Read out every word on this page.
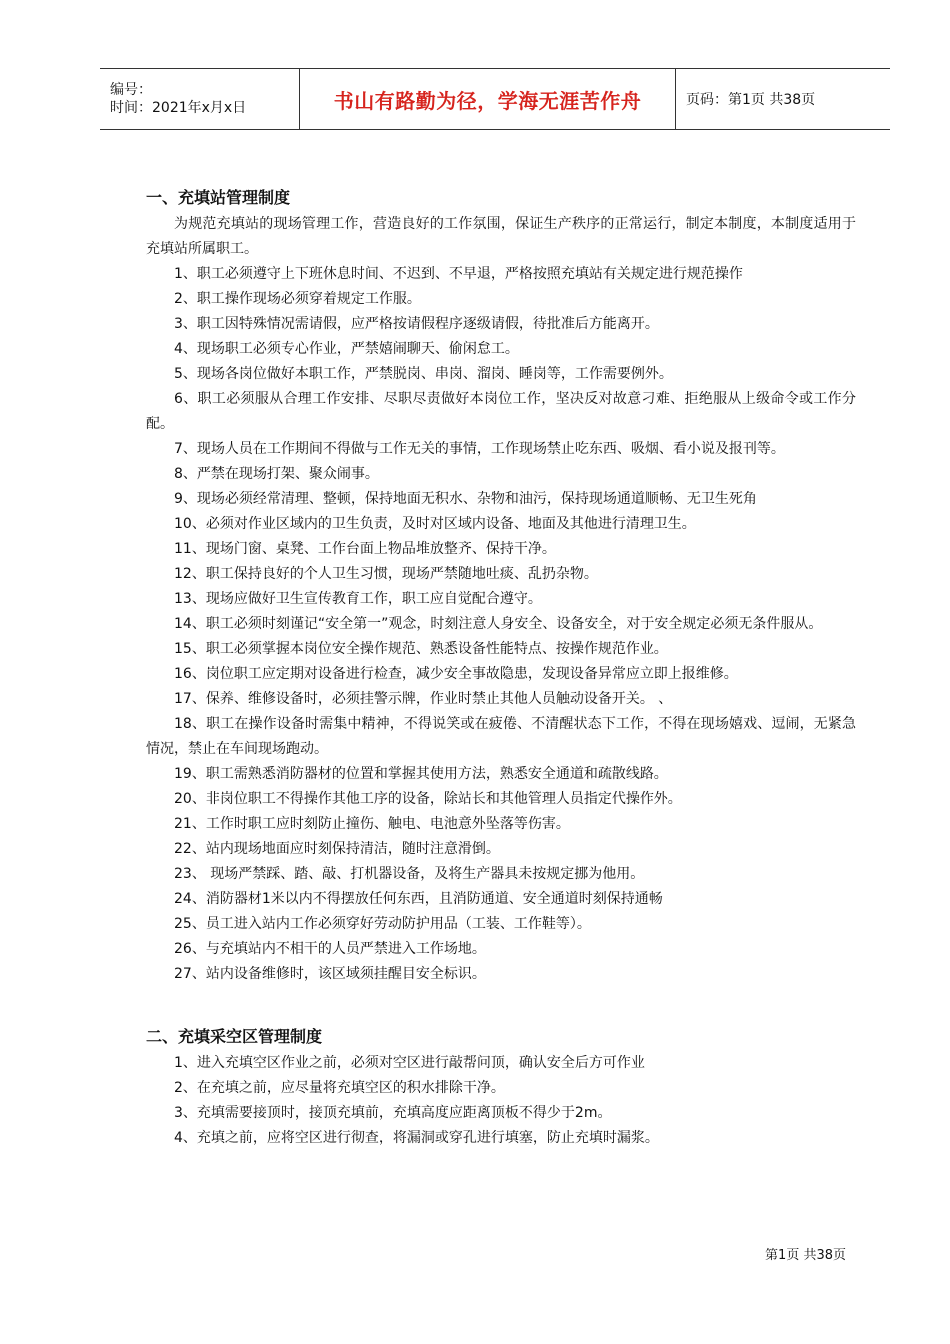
编号：
时间：2021年x月x日	书山有路勤为径，学海无涯苦作舟	页码：第1页 共38页
一、充填站管理制度

为规范充填站的现场管理工作，营造良好的工作氛围，保证生产秩序的正常运行，制定本制度，本制度适用于充填站所属职工。

1、职工必须遵守上下班休息时间、不迟到、不早退，严格按照充填站有关规定进行规范操作

2、职工操作现场必须穿着规定工作服。

3、职工因特殊情况需请假，应严格按请假程序逐级请假，待批准后方能离开。

4、现场职工必须专心作业，严禁嬉闹聊天、偷闲怠工。

5、现场各岗位做好本职工作，严禁脱岗、串岗、溜岗、睡岗等，工作需要例外。

6、职工必须服从合理工作安排、尽职尽责做好本岗位工作，坚决反对故意刁难、拒绝服从上级命令或工作分配。

7、现场人员在工作期间不得做与工作无关的事情，工作现场禁止吃东西、吸烟、看小说及报刊等。

8、严禁在现场打架、聚众闹事。

9、现场必须经常清理、整顿，保持地面无积水、杂物和油污，保持现场通道顺畅、无卫生死角

10、必须对作业区域内的卫生负责，及时对区域内设备、地面及其他进行清理卫生。

11、现场门窗、桌凳、工作台面上物品堆放整齐、保持干净。

12、职工保持良好的个人卫生习惯，现场严禁随地吐痰、乱扔杂物。

13、现场应做好卫生宣传教育工作，职工应自觉配合遵守。

14、职工必须时刻谨记“安全第一”观念，时刻注意人身安全、设备安全，对于安全规定必须无条件服从。

15、职工必须掌握本岗位安全操作规范、熟悉设备性能特点、按操作规范作业。

16、岗位职工应定期对设备进行检查，减少安全事故隐患，发现设备异常应立即上报维修。

17、保养、维修设备时，必须挂警示牌，作业时禁止其他人员触动设备开关。 、

18、职工在操作设备时需集中精神，不得说笑或在疲倦、不清醒状态下工作，不得在现场嬉戏、逗闹，无紧急情况，禁止在车间现场跑动。

19、职工需熟悉消防器材的位置和掌握其使用方法，熟悉安全通道和疏散线路。

20、非岗位职工不得操作其他工序的设备，除站长和其他管理人员指定代操作外。

21、工作时职工应时刻防止撞伤、触电、电池意外坠落等伤害。

22、站内现场地面应时刻保持清洁，随时注意滑倒。

23、 现场严禁踩、踏、敲、打机器设备，及将生产器具未按规定挪为他用。

24、消防器材1米以内不得摆放任何东西，且消防通道、安全通道时刻保持通畅

25、员工进入站内工作必须穿好劳动防护用品（工装、工作鞋等）。

26、与充填站内不相干的人员严禁进入工作场地。

27、站内设备维修时，该区域须挂醒目安全标识。

二、充填采空区管理制度

1、进入充填空区作业之前，必须对空区进行敲帮问顶，确认安全后方可作业

2、在充填之前，应尽量将充填空区的积水排除干净。

3、充填需要接顶时，接顶充填前，充填高度应距离顶板不得少于2m。

4、充填之前，应将空区进行彻查，将漏洞或穿孔进行填塞，防止充填时漏浆。

第1页 共38页
